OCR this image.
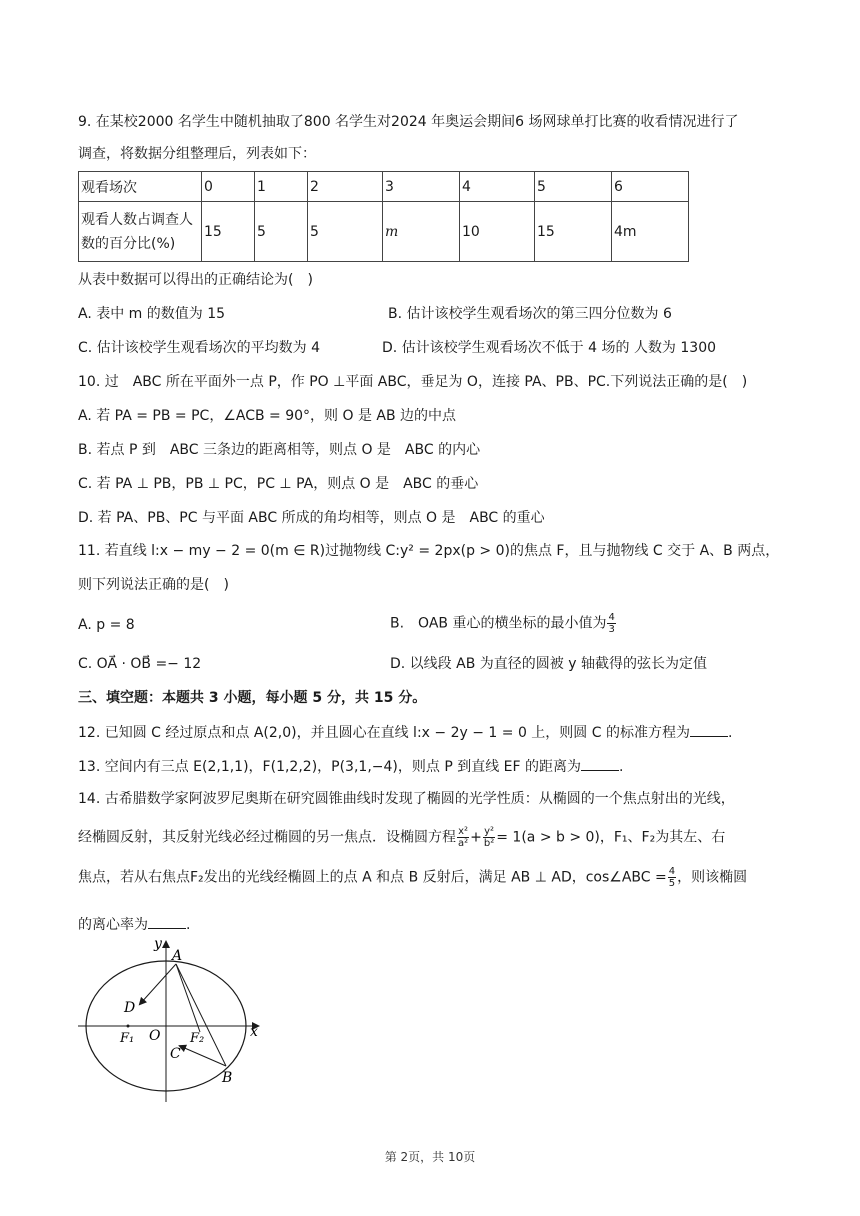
9. 在某校2000 名学生中随机抽取了800 名学生对2024 年奥运会期间6 场网球单打比赛的收看情况进行了
调查，将数据分组整理后，列表如下：
观看场次	0	1	2	3	4	5	6

观看人数占调查人
数的百分比(%)	15	5	5	m	10	15	4m
从表中数据可以得出的正确结论为(　)
A. 表中 m 的数值为 15	B. 估计该校学生观看场次的第三四分位数为 6
C. 估计该校学生观看场次的平均数为 4	D. 估计该校学生观看场次不低于 4 场的 人数为 1300
10. 过　ABC 所在平面外一点 P，作 PO ⊥平面 ABC，垂足为 O，连接 PA、PB、PC.下列说法正确的是(　)
A. 若 PA = PB = PC，∠ACB = 90°，则 O 是 AB 边的中点
B. 若点 P 到　ABC 三条边的距离相等，则点 O 是　ABC 的内心
C. 若 PA ⊥ PB，PB ⊥ PC，PC ⊥ PA，则点 O 是　ABC 的垂心
D. 若 PA、PB、PC 与平面 ABC 所成的角均相等，则点 O 是　ABC 的重心
11. 若直线 l:x − my − 2 = 0(m ∈ R)过抛物线 C:y² = 2px(p > 0)的焦点 F，且与抛物线 C 交于 A、B 两点，
则下列说法正确的是(　)
A. p = 8	B.　OAB 重心的横坐标的最小值为 $\frac{4}{3}$
C. OA⃗ · OB⃗ =− 12	D. 以线段 AB 为直径的圆被 y 轴截得的弦长为定值
三、填空题：本题共 3 小题，每小题 5 分，共 15 分。
12. 已知圆 C 经过原点和点 A(2,0)，并且圆心在直线 l:x − 2y − 1 = 0 上，则圆 C 的标准方程为	.
13. 空间内有三点 E(2,1,1)，F(1,2,2)，P(3,1,−4)，则点 P 到直线 EF 的距离为	.
14. 古希腊数学家阿波罗尼奥斯在研究圆锥曲线时发现了椭圆的光学性质：从椭圆的一个焦点射出的光线，
经椭圆反射，其反射光线必经过椭圆的另一焦点．设椭圆方程 $\frac{\text{x²}}{\text{a²}} + \frac{\text{y²}}{\text{b²}} = 1(a > b > 0)$，F₁、F₂为其左、右
焦点，若从右焦点F₂发出的光线经椭圆上的点 A 和点 B 反射后，满足 AB ⊥ AD，cos∠ABC = $\frac{4}{5}$ ，则该椭圆
的离心率为	.
y
A
D
F₁ O F₂	x
C
B
第 2页，共 10页
